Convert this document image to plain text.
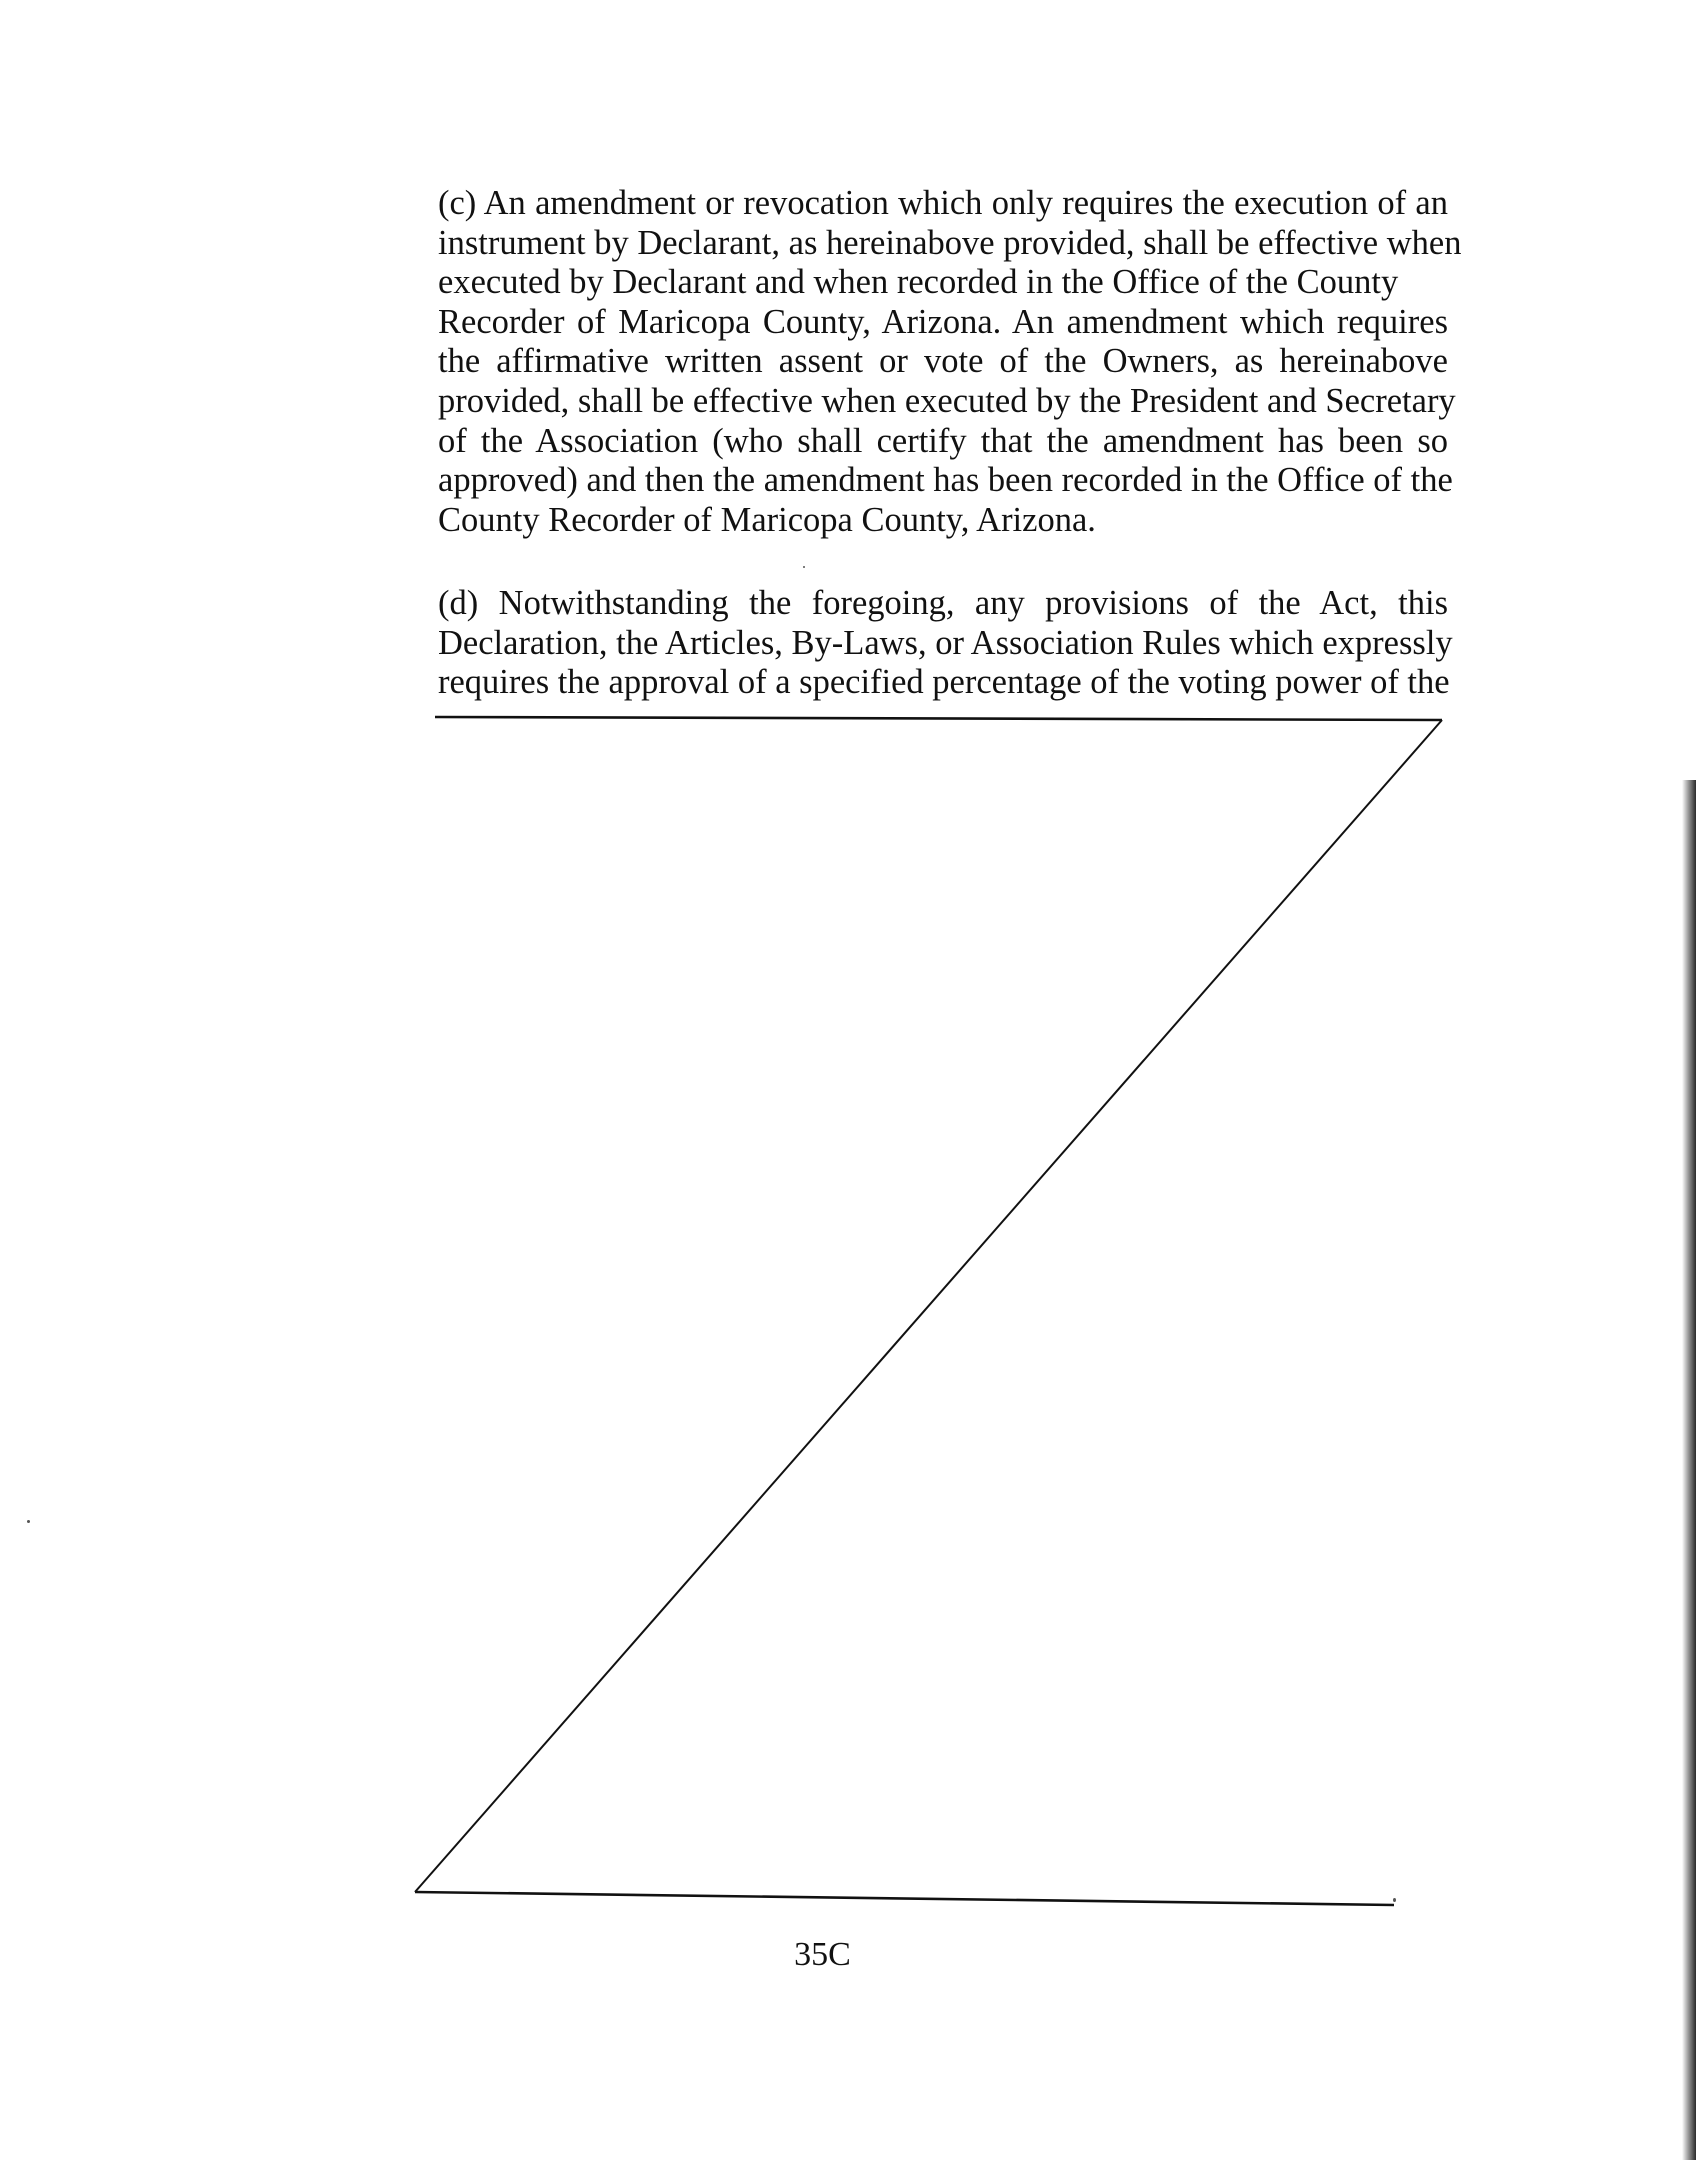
(c) An amendment or revocation which only requires the execution of an
instrument by Declarant, as hereinabove provided, shall be effective when
executed by Declarant and when recorded in the Office of the County
Recorder of Maricopa County, Arizona. An amendment which requires
the affirmative written assent or vote of the Owners, as hereinabove
provided, shall be effective when executed by the President and Secretary
of the Association (who shall certify that the amendment has been so
approved) and then the amendment has been recorded in the Office of the
County Recorder of Maricopa County, Arizona.
(d) Notwithstanding the foregoing, any provisions of the Act, this
Declaration, the Articles, By-Laws, or Association Rules which expressly
requires the approval of a specified percentage of the voting power of the
35C
